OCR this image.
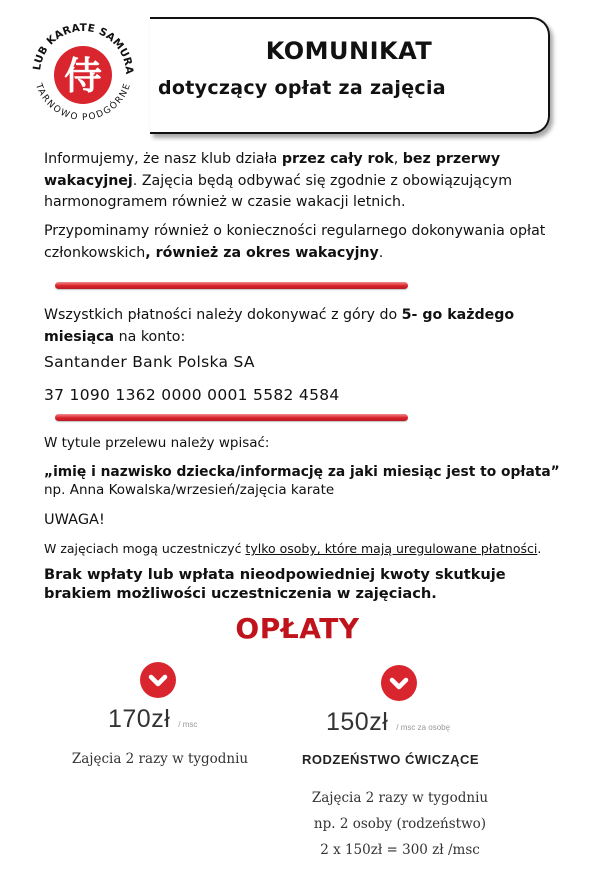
侍
LUB KARATE SAMURA
TARNOWO PODGÓRNE
KOMUNIKAT
dotyczący opłat za zajęcia
Informujemy, że nasz klub działa przez cały rok, bez przerwy wakacyjnej. Zajęcia będą odbywać się zgodnie z obowiązującym harmonogramem również w czasie wakacji letnich.
Przypominamy również o konieczności regularnego dokonywania opłat członkowskich, również za okres wakacyjny.
Wszystkich płatności należy dokonywać z góry do 5- go każdego miesiąca na konto:
Santander Bank Polska SA
37 1090 1362 0000 0001 5582 4584
W tytule przelewu należy wpisać:
„imię i nazwisko dziecka/informację za jaki miesiąc jest to opłata”
np. Anna Kowalska/wrzesień/zajęcia karate
UWAGA!
W zajęciach mogą uczestniczyć tylko osoby, które mają uregulowane płatności.
Brak wpłaty lub wpłata nieodpowiedniej kwoty skutkuje brakiem możliwości uczestniczenia w zajęciach.
OPŁATY
170zł / msc
Zajęcia 2 razy w tygodniu
150zł / msc za osobę
RODZEŃSTWO ĆWICZĄCE
Zajęcia 2 razy w tygodniu
np. 2 osoby (rodzeństwo)
2 x 150zł = 300 zł /msc
